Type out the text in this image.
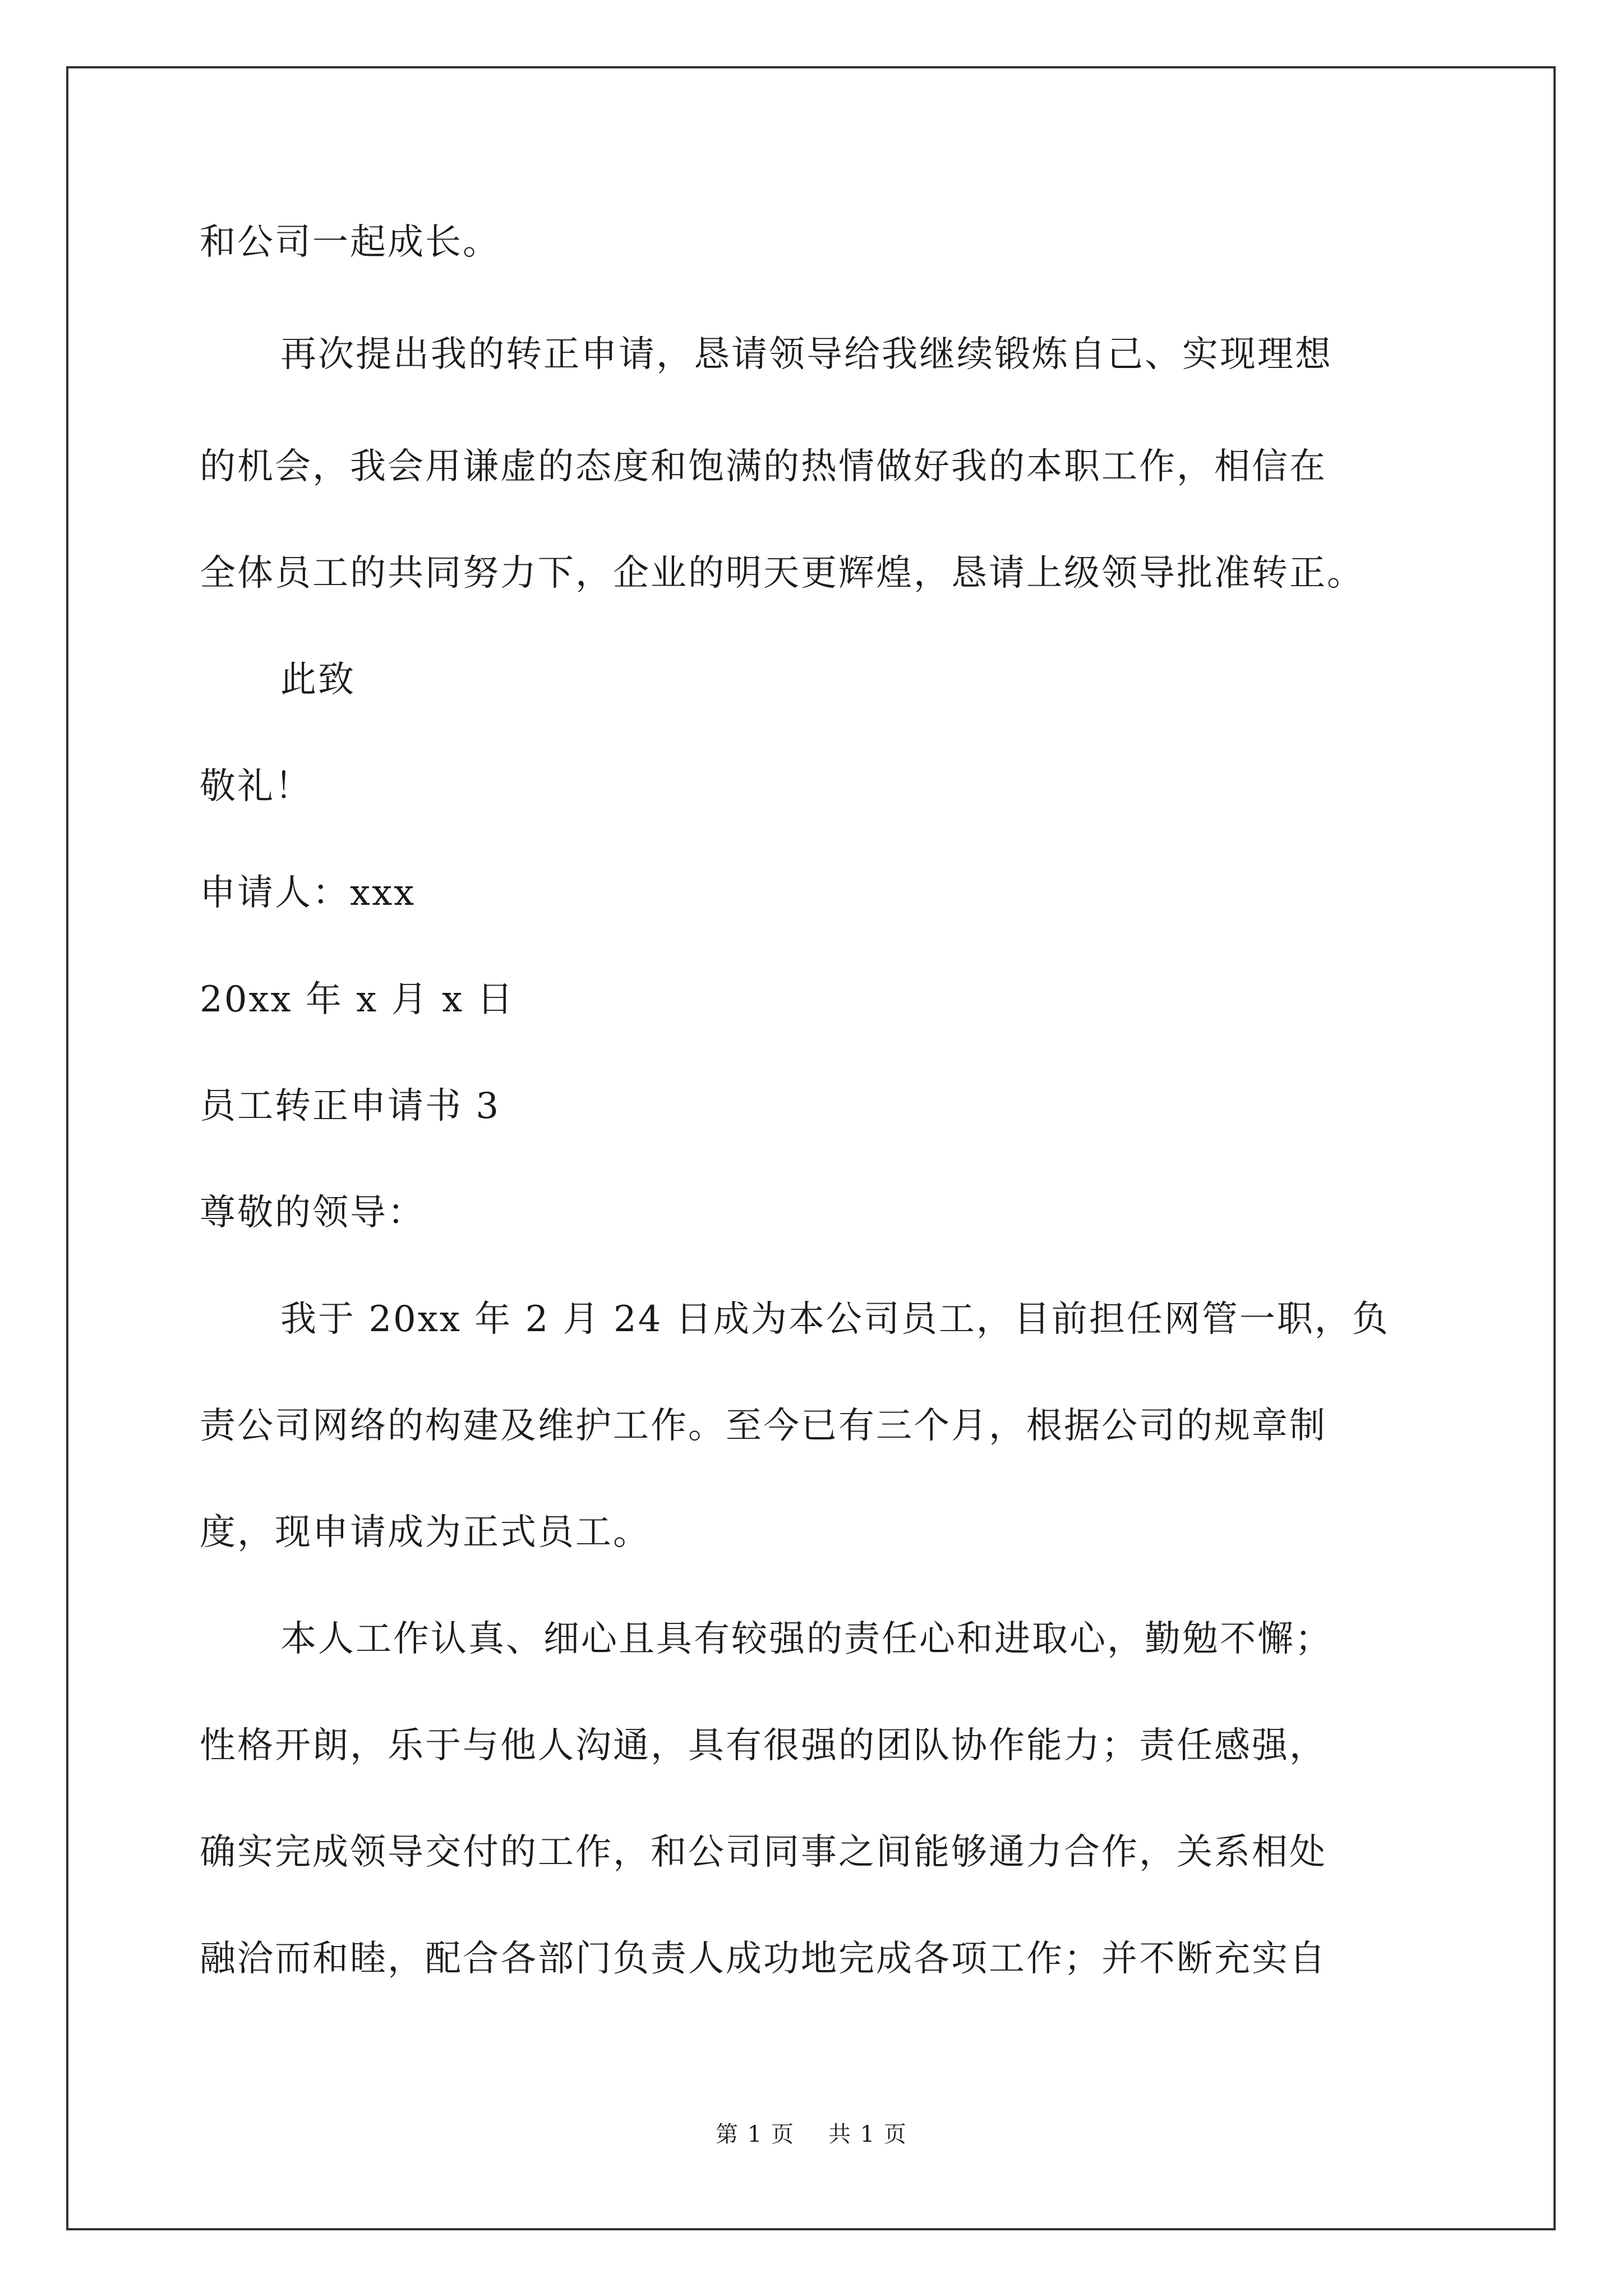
和公司一起成长。
再次提出我的转正申请，恳请领导给我继续锻炼自己、实现理想
的机会，我会用谦虚的态度和饱满的热情做好我的本职工作，相信在
全体员工的共同努力下，企业的明天更辉煌，恳请上级领导批准转正。
此致
敬礼！
申请人：xxx
20xx 年 x 月 x 日
员工转正申请书 3
尊敬的领导：
我于 20xx 年 2 月 24 日成为本公司员工，目前担任网管一职，负
责公司网络的构建及维护工作。至今已有三个月，根据公司的规章制
度，现申请成为正式员工。
本人工作认真、细心且具有较强的责任心和进取心，勤勉不懈；
性格开朗，乐于与他人沟通，具有很强的团队协作能力；责任感强，
确实完成领导交付的工作，和公司同事之间能够通力合作，关系相处
融洽而和睦，配合各部门负责人成功地完成各项工作；并不断充实自
第 1 页 共 1 页
